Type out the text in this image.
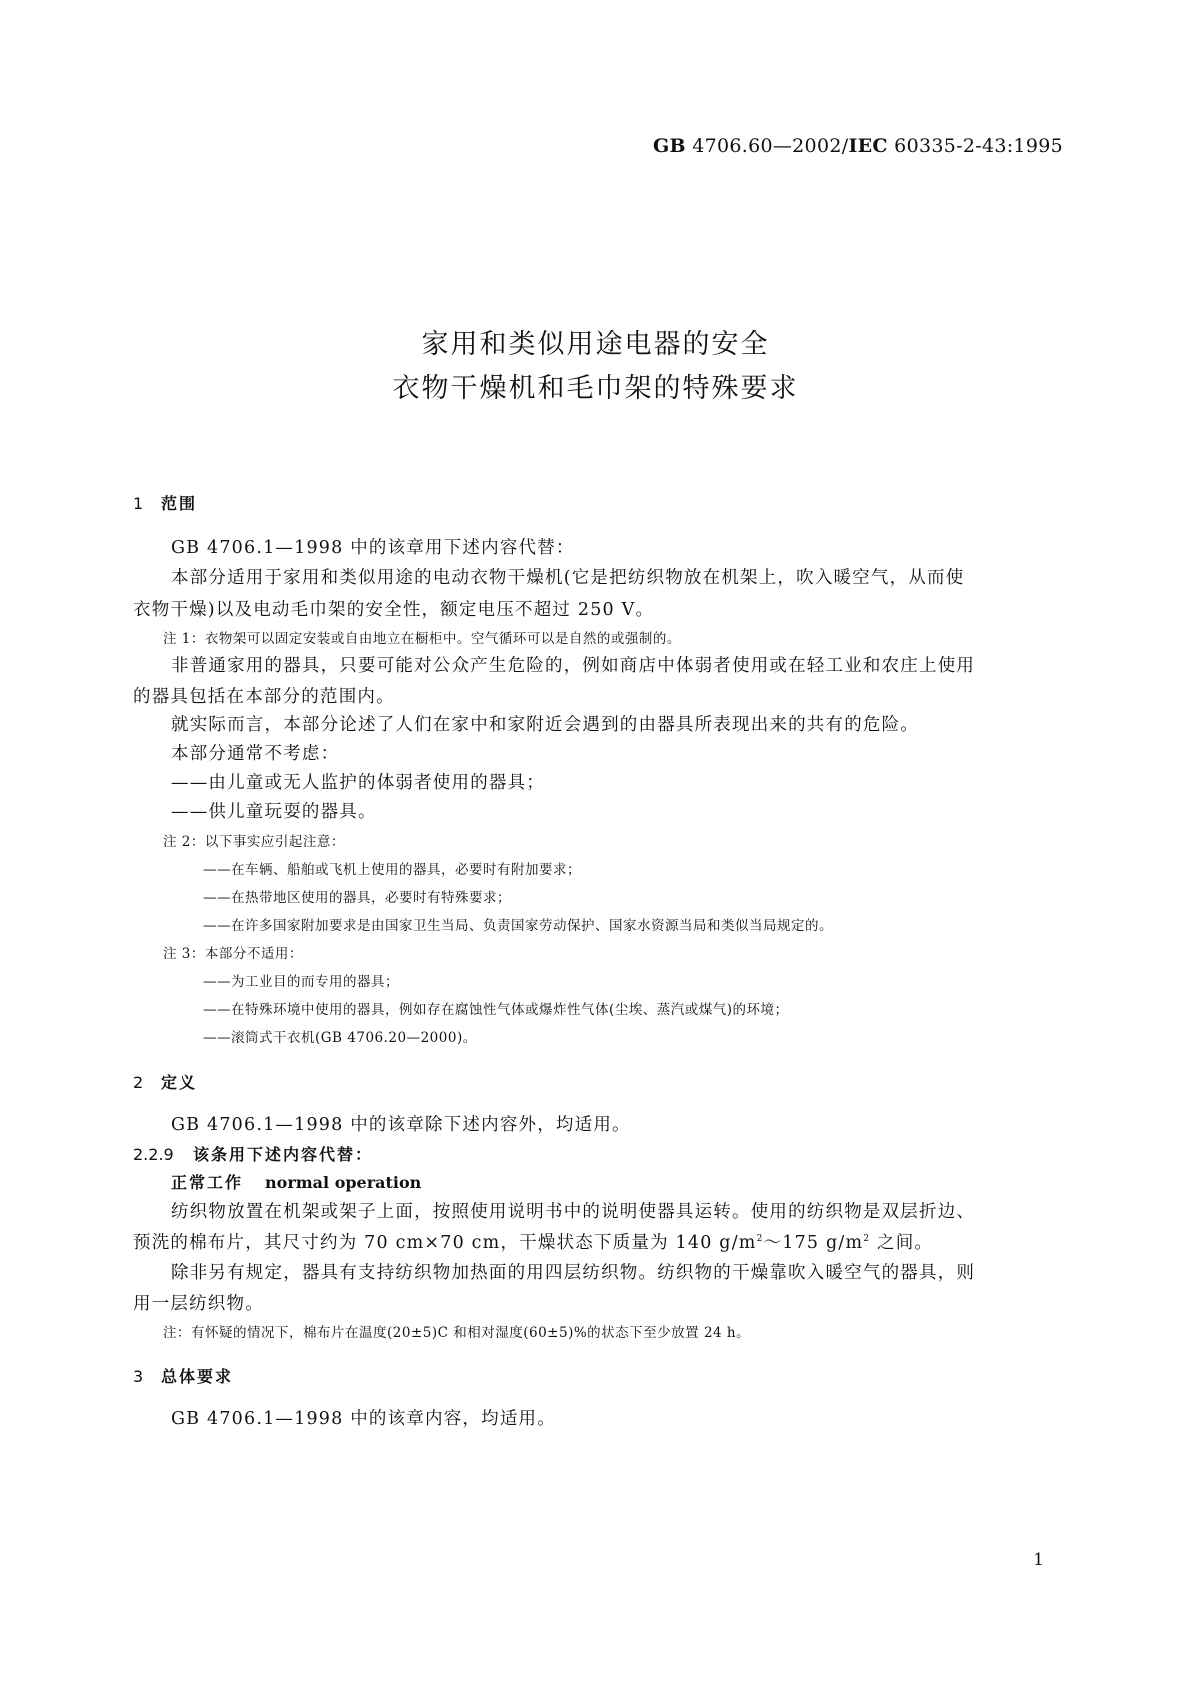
GB 4706.60—2002/IEC 60335-2-43:1995
家用和类似用途电器的安全
衣物干燥机和毛巾架的特殊要求
1 范围
GB 4706.1—1998 中的该章用下述内容代替：
本部分适用于家用和类似用途的电动衣物干燥机(它是把纺织物放在机架上，吹入暖空气，从而使
衣物干燥)以及电动毛巾架的安全性，额定电压不超过 250 V。
注 1：衣物架可以固定安装或自由地立在橱柜中。空气循环可以是自然的或强制的。
非普通家用的器具，只要可能对公众产生危险的，例如商店中体弱者使用或在轻工业和农庄上使用
的器具包括在本部分的范围内。
就实际而言，本部分论述了人们在家中和家附近会遇到的由器具所表现出来的共有的危险。
本部分通常不考虑：
——由儿童或无人监护的体弱者使用的器具；
——供儿童玩耍的器具。
注 2：以下事实应引起注意：
——在车辆、船舶或飞机上使用的器具，必要时有附加要求；
——在热带地区使用的器具，必要时有特殊要求；
——在许多国家附加要求是由国家卫生当局、负责国家劳动保护、国家水资源当局和类似当局规定的。
注 3：本部分不适用：
——为工业目的而专用的器具；
——在特殊环境中使用的器具，例如存在腐蚀性气体或爆炸性气体(尘埃、蒸汽或煤气)的环境；
——滚筒式干衣机(GB 4706.20—2000)。
2 定义
GB 4706.1—1998 中的该章除下述内容外，均适用。
2.2.9 该条用下述内容代替：
正常工作 normal operation
纺织物放置在机架或架子上面，按照使用说明书中的说明使器具运转。使用的纺织物是双层折边、
预洗的棉布片，其尺寸约为 70 cm×70 cm，干燥状态下质量为 140 $g/m^2\sim 175$ $g/m^2$ 之间。
除非另有规定，器具有支持纺织物加热面的用四层纺织物。纺织物的干燥靠吹入暖空气的器具，则
用一层纺织物。
注：有怀疑的情况下，棉布片在温度(20±5)C 和相对湿度(60±5)%的状态下至少放置 24 h。
3 总体要求
GB 4706.1—1998 中的该章内容，均适用。
1
